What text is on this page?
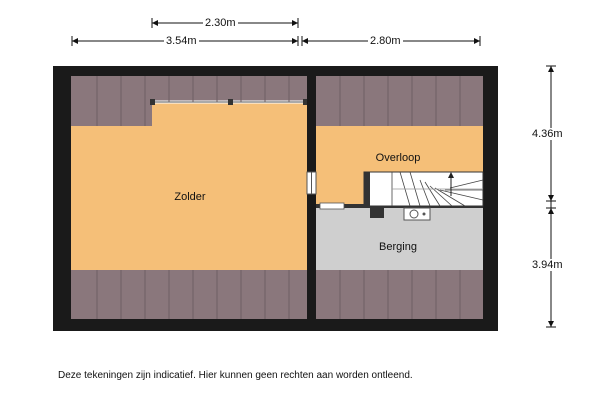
2.30m
3.54m	2.80m
4.36m
3.94m
Zolder
Overloop
Berging
Deze tekeningen zijn indicatief. Hier kunnen geen rechten aan worden ontleend.
